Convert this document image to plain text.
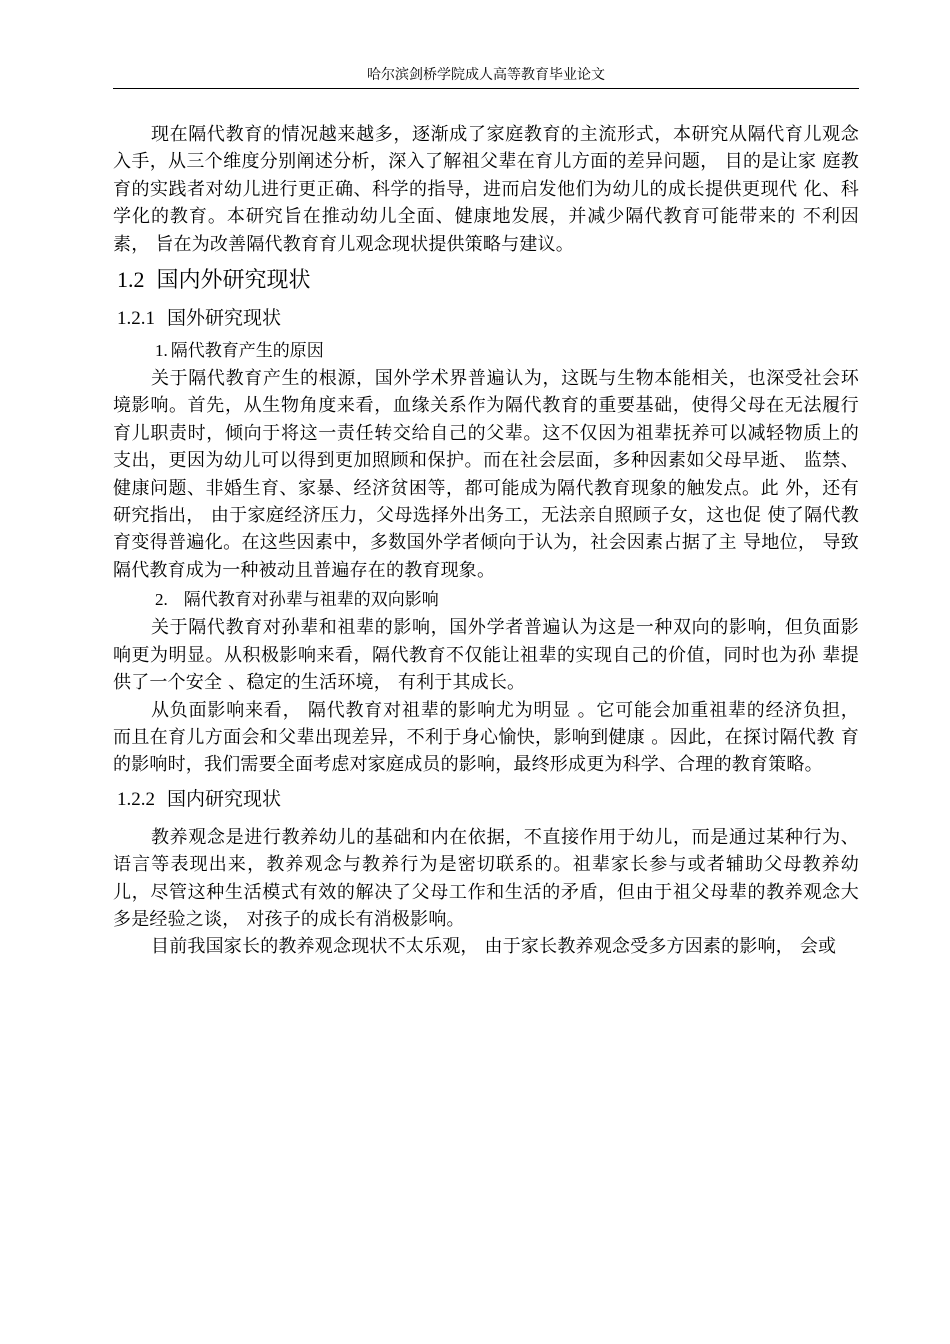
哈尔滨剑桥学院成人高等教育毕业论文

现在隔代教育的情况越来越多，逐渐成了家庭教育的主流形式，本研究从隔代育儿观念入手，从三个维度分别阐述分析，深入了解祖父辈在育儿方面的差异问题， 目的是让家 庭教育的实践者对幼儿进行更正确、科学的指导，进而启发他们为幼儿的成长提供更现代 化、科学化的教育。本研究旨在推动幼儿全面、健康地发展，并减少隔代教育可能带来的 不利因素， 旨在为改善隔代教育育儿观念现状提供策略与建议。

1.2 国内外研究现状
1.2.1 国外研究现状
1. 隔代教育产生的原因

关于隔代教育产生的根源，国外学术界普遍认为，这既与生物本能相关，也深受社会环境影响。首先，从生物角度来看，血缘关系作为隔代教育的重要基础，使得父母在无法履行育儿职责时，倾向于将这一责任转交给自己的父辈。这不仅因为祖辈抚养可以减轻物质上的支出，更因为幼儿可以得到更加照顾和保护。而在社会层面，多种因素如父母早逝、 监禁、健康问题、非婚生育、家暴、经济贫困等，都可能成为隔代教育现象的触发点。此 外，还有研究指出， 由于家庭经济压力，父母选择外出务工，无法亲自照顾子女，这也促 使了隔代教育变得普遍化。在这些因素中，多数国外学者倾向于认为，社会因素占据了主 导地位， 导致隔代教育成为一种被动且普遍存在的教育现象。

2. 隔代教育对孙辈与祖辈的双向影响

关于隔代教育对孙辈和祖辈的影响，国外学者普遍认为这是一种双向的影响，但负面影响更为明显。从积极影响来看，隔代教育不仅能让祖辈的实现自己的价值，同时也为孙 辈提供了一个安全 、稳定的生活环境， 有利于其成长。

从负面影响来看， 隔代教育对祖辈的影响尤为明显 。它可能会加重祖辈的经济负担， 而且在育儿方面会和父辈出现差异，不利于身心愉快，影响到健康 。因此，在探讨隔代教 育的影响时，我们需要全面考虑对家庭成员的影响，最终形成更为科学、合理的教育策略。

1.2.2 国内研究现状

教养观念是进行教养幼儿的基础和内在依据，不直接作用于幼儿，而是通过某种行为、语言等表现出来，教养观念与教养行为是密切联系的。祖辈家长参与或者辅助父母教养幼儿，尽管这种生活模式有效的解决了父母工作和生活的矛盾，但由于祖父母辈的教养观念大多是经验之谈， 对孩子的成长有消极影响。

目前我国家长的教养观念现状不太乐观， 由于家长教养观念受多方因素的影响， 会或
